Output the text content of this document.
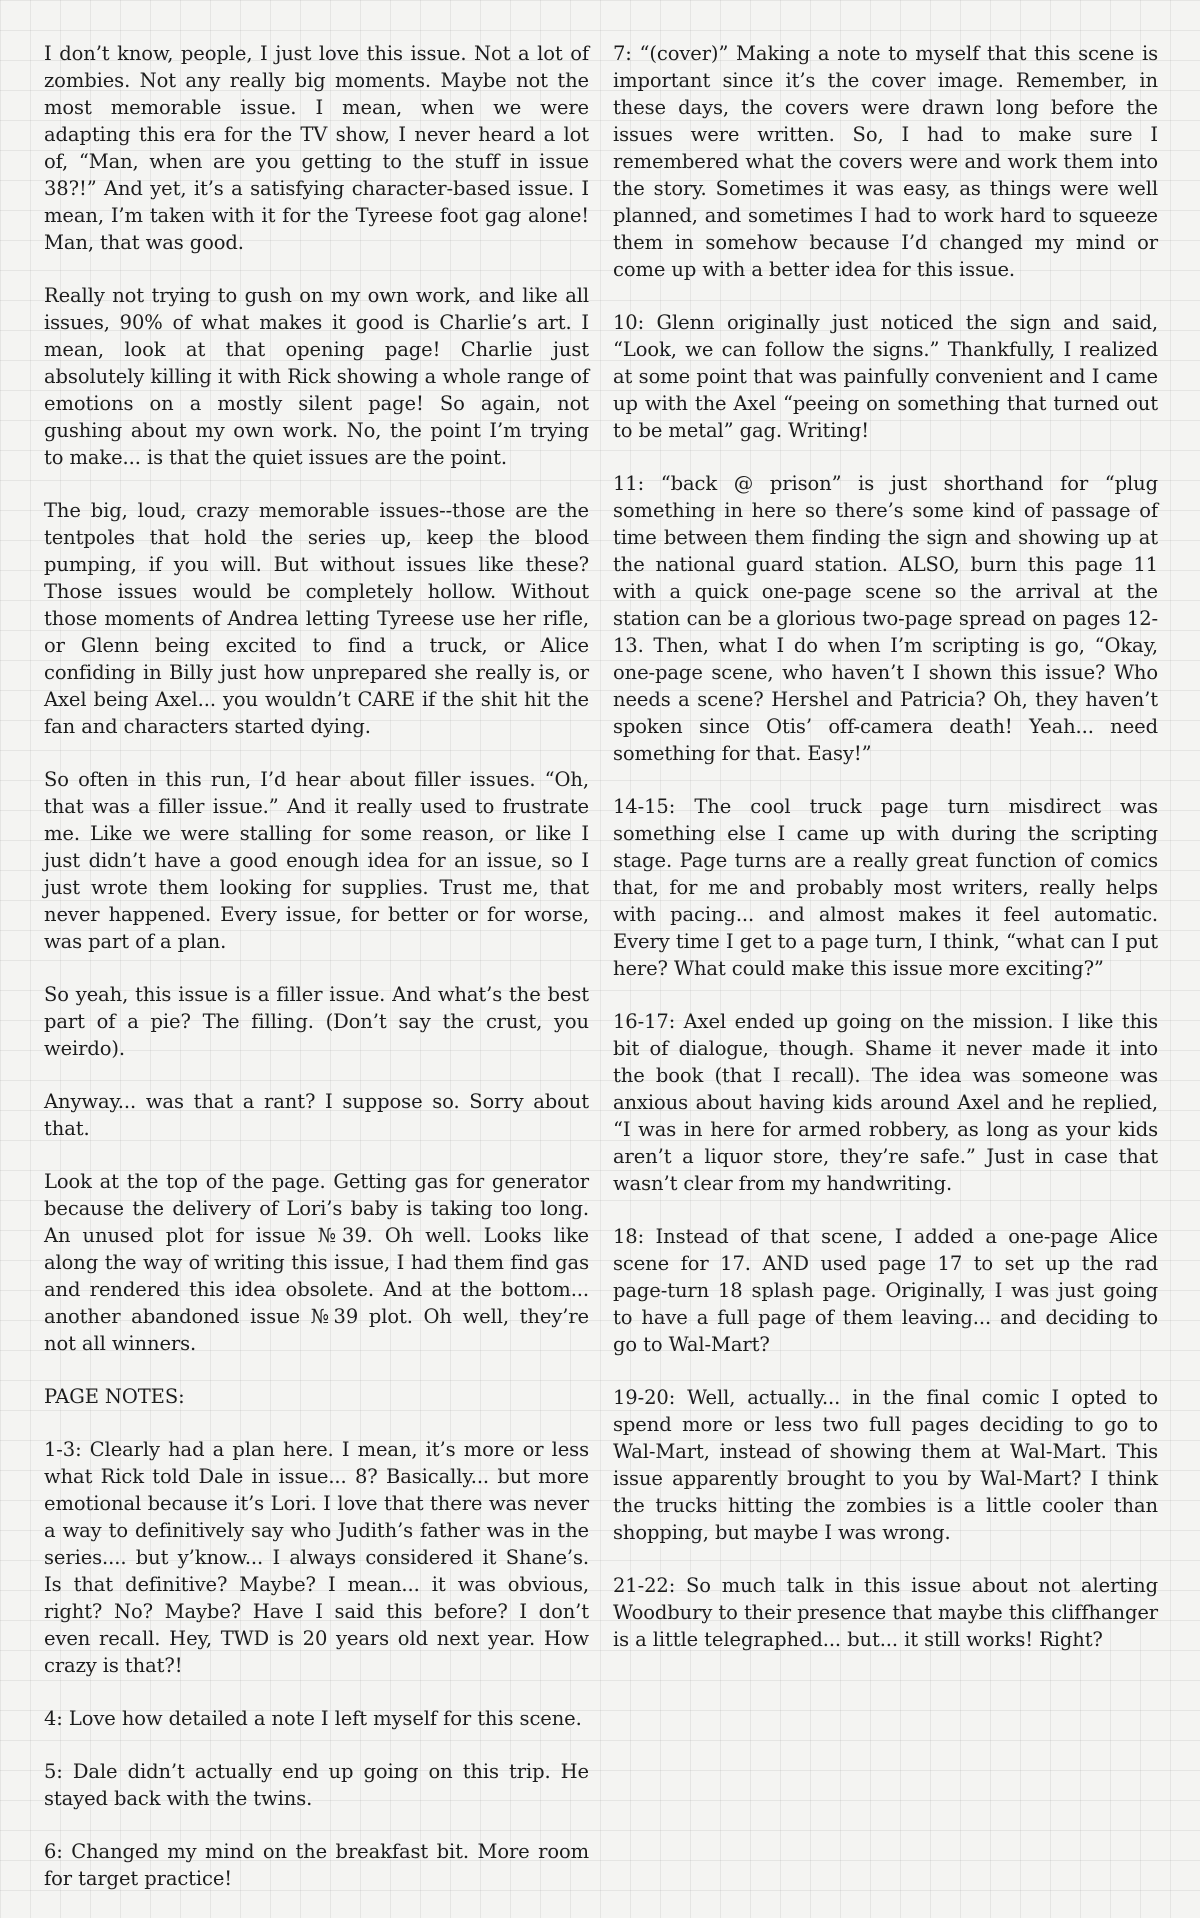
I don’t know, people, I just love this issue. Not a lot of zombies. Not any really big moments. Maybe not the most memorable issue. I mean, when we were adapting this era for the TV show, I never heard a lot of, “Man, when are you getting to the stuff in issue 38?!” And yet, it’s a satisfying character-based issue. I mean, I’m taken with it for the Tyreese foot gag alone! Man, that was good.

Really not trying to gush on my own work, and like all issues, 90% of what makes it good is Charlie’s art. I mean, look at that opening page! Charlie just absolutely killing it with Rick showing a whole range of emotions on a mostly silent page! So again, not gushing about my own work. No, the point I’m trying to make... is that the quiet issues are the point.

The big, loud, crazy memorable issues--those are the tentpoles that hold the series up, keep the blood pumping, if you will. But without issues like these? Those issues would be completely hollow. Without those moments of Andrea letting Tyreese use her rifle, or Glenn being excited to find a truck, or Alice confiding in Billy just how unprepared she really is, or Axel being Axel... you wouldn’t CARE if the shit hit the fan and characters started dying.

So often in this run, I’d hear about filler issues. “Oh, that was a filler issue.” And it really used to frustrate me. Like we were stalling for some reason, or like I just didn’t have a good enough idea for an issue, so I just wrote them looking for supplies. Trust me, that never happened. Every issue, for better or for worse, was part of a plan.

So yeah, this issue is a filler issue. And what’s the best part of a pie? The filling. (Don’t say the crust, you weirdo).

Anyway... was that a rant? I suppose so. Sorry about that.

Look at the top of the page. Getting gas for generator because the delivery of Lori’s baby is taking too long. An unused plot for issue №39. Oh well. Looks like along the way of writing this issue, I had them find gas and rendered this idea obsolete. And at the bottom... another abandoned issue №39 plot. Oh well, they’re not all winners.

PAGE NOTES:

1-3: Clearly had a plan here. I mean, it’s more or less what Rick told Dale in issue... 8? Basically... but more emotional because it’s Lori. I love that there was never a way to definitively say who Judith’s father was in the series.... but y’know... I always considered it Shane’s. Is that definitive? Maybe? I mean... it was obvious, right? No? Maybe? Have I said this before? I don’t even recall. Hey, TWD is 20 years old next year. How crazy is that?!

4: Love how detailed a note I left myself for this scene.

5: Dale didn’t actually end up going on this trip. He stayed back with the twins.

6: Changed my mind on the breakfast bit. More room for target practice!

7: “(cover)” Making a note to myself that this scene is important since it’s the cover image. Remember, in these days, the covers were drawn long before the issues were written. So, I had to make sure I remembered what the covers were and work them into the story. Sometimes it was easy, as things were well planned, and sometimes I had to work hard to squeeze them in somehow because I’d changed my mind or come up with a better idea for this issue.

10: Glenn originally just noticed the sign and said, “Look, we can follow the signs.” Thankfully, I realized at some point that was painfully convenient and I came up with the Axel “peeing on something that turned out to be metal” gag. Writing!

11: “back @ prison” is just shorthand for “plug something in here so there’s some kind of passage of time between them finding the sign and showing up at the national guard station. ALSO, burn this page 11 with a quick one-page scene so the arrival at the station can be a glorious two-page spread on pages 12-13. Then, what I do when I’m scripting is go, “Okay, one-page scene, who haven’t I shown this issue? Who needs a scene? Hershel and Patricia? Oh, they haven’t spoken since Otis’ off-camera death! Yeah... need something for that. Easy!”

14-15: The cool truck page turn misdirect was something else I came up with during the scripting stage. Page turns are a really great function of comics that, for me and probably most writers, really helps with pacing... and almost makes it feel automatic. Every time I get to a page turn, I think, “what can I put here? What could make this issue more exciting?”

16-17: Axel ended up going on the mission. I like this bit of dialogue, though. Shame it never made it into the book (that I recall). The idea was someone was anxious about having kids around Axel and he replied, “I was in here for armed robbery, as long as your kids aren’t a liquor store, they’re safe.” Just in case that wasn’t clear from my handwriting.

18: Instead of that scene, I added a one-page Alice scene for 17. AND used page 17 to set up the rad page-turn 18 splash page. Originally, I was just going to have a full page of them leaving... and deciding to go to Wal-Mart?

19-20: Well, actually... in the final comic I opted to spend more or less two full pages deciding to go to Wal-Mart, instead of showing them at Wal-Mart. This issue apparently brought to you by Wal-Mart? I think the trucks hitting the zombies is a little cooler than shopping, but maybe I was wrong.

21-22: So much talk in this issue about not alerting Woodbury to their presence that maybe this cliffhanger is a little telegraphed... but... it still works! Right?
